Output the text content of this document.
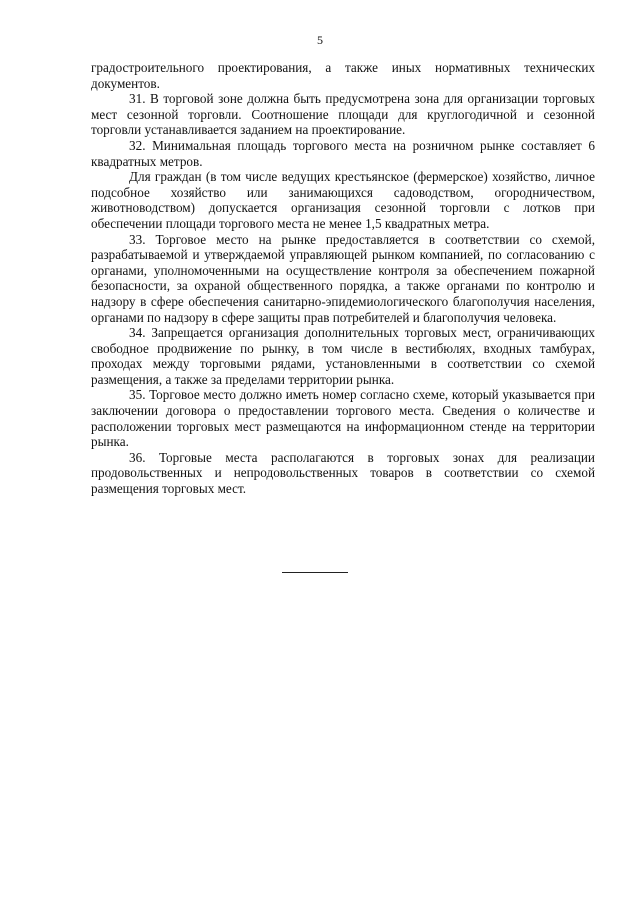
5

градостроительного проектирования, а также иных нормативных технических документов.

31. В торговой зоне должна быть предусмотрена зона для организации торговых мест сезонной торговли. Соотношение площади для круглогодичной и сезонной торговли устанавливается заданием на проектирование.

32. Минимальная площадь торгового места на розничном рынке составляет 6 квадратных метров.

Для граждан (в том числе ведущих крестьянское (фермерское) хозяйство, личное подсобное хозяйство или занимающихся садоводством, огородничеством, животноводством) допускается организация сезонной торговли с лотков при обеспечении площади торгового места не менее 1,5 квадратных метра.

33. Торговое место на рынке предоставляется в соответствии со схемой, разрабатываемой и утверждаемой управляющей рынком компанией, по согласованию с органами, уполномоченными на осуществление контроля за обеспечением пожарной безопасности, за охраной общественного порядка, а также органами по контролю и надзору в сфере обеспечения санитарно-эпидемиологического благополучия населения, органами по надзору в сфере защиты прав потребителей и благополучия человека.

34. Запрещается организация дополнительных торговых мест, ограничивающих свободное продвижение по рынку, в том числе в вестибюлях, входных тамбурах, проходах между торговыми рядами, установленными в соответствии со схемой размещения, а также за пределами территории рынка.

35. Торговое место должно иметь номер согласно схеме, который указывается при заключении договора о предоставлении торгового места. Сведения о количестве и расположении торговых мест размещаются на информационном стенде на территории рынка.

36. Торговые места располагаются в торговых зонах для реализации продовольственных и непродовольственных товаров в соответствии со схемой размещения торговых мест.
